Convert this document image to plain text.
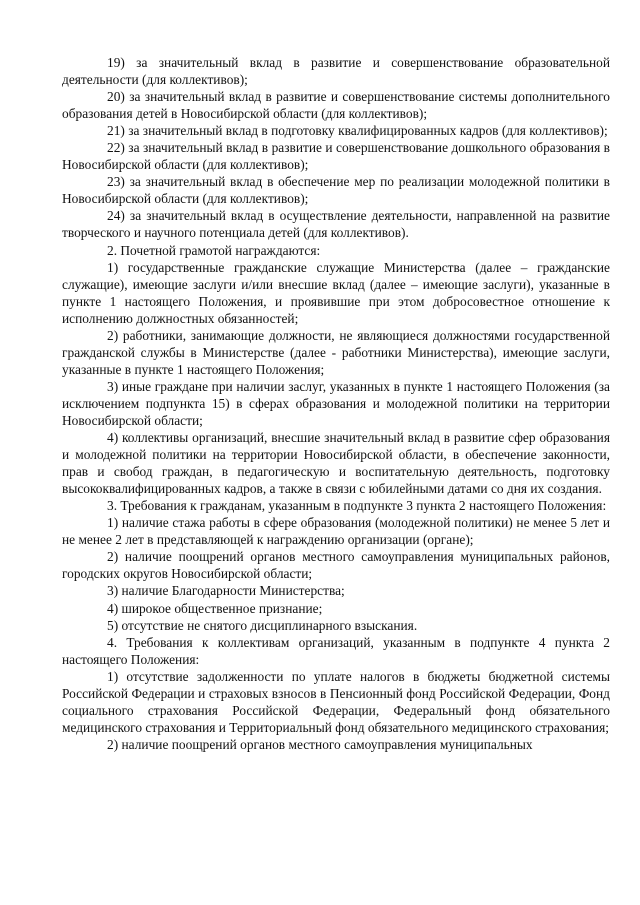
19) за значительный вклад в развитие и совершенствование образовательной деятельности (для коллективов);

20) за значительный вклад в развитие и совершенствование системы дополнительного образования детей в Новосибирской области (для коллективов);

21) за значительный вклад в подготовку квалифицированных кадров (для коллективов);

22) за значительный вклад в развитие и совершенствование дошкольного образования в Новосибирской области (для коллективов);

23) за значительный вклад в обеспечение мер по реализации молодежной политики в Новосибирской области (для коллективов);

24) за значительный вклад в осуществление деятельности, направленной на развитие творческого и научного потенциала детей (для коллективов).

2. Почетной грамотой награждаются:

1) государственные гражданские служащие Министерства (далее – гражданские служащие), имеющие заслуги и/или внесшие вклад (далее – имеющие заслуги), указанные в пункте 1 настоящего Положения, и проявившие при этом добросовестное отношение к исполнению должностных обязанностей;

2) работники, занимающие должности, не являющиеся должностями государственной гражданской службы в Министерстве (далее - работники Министерства), имеющие заслуги, указанные в пункте 1 настоящего Положения;

3) иные граждане при наличии заслуг, указанных в пункте 1 настоящего Положения (за исключением подпункта 15) в сферах образования и молодежной политики на территории Новосибирской области;

4) коллективы организаций, внесшие значительный вклад в развитие сфер образования и молодежной политики на территории Новосибирской области, в обеспечение законности, прав и свобод граждан, в педагогическую и воспитательную деятельность, подготовку высококвалифицированных кадров, а также в связи с юбилейными датами со дня их создания.

3. Требования к гражданам, указанным в подпункте 3 пункта 2 настоящего Положения:

1) наличие стажа работы в сфере образования (молодежной политики) не менее 5 лет и не менее 2 лет в представляющей к награждению организации (органе);

2) наличие поощрений органов местного самоуправления муниципальных районов, городских округов Новосибирской области;

3) наличие Благодарности Министерства;

4) широкое общественное признание;

5) отсутствие не снятого дисциплинарного взыскания.

4. Требования к коллективам организаций, указанным в подпункте 4 пункта 2 настоящего Положения:

1) отсутствие задолженности по уплате налогов в бюджеты бюджетной системы Российской Федерации и страховых взносов в Пенсионный фонд Российской Федерации, Фонд социального страхования Российской Федерации, Федеральный фонд обязательного медицинского страхования и Территориальный фонд обязательного медицинского страхования;

2) наличие поощрений органов местного самоуправления муниципальных
